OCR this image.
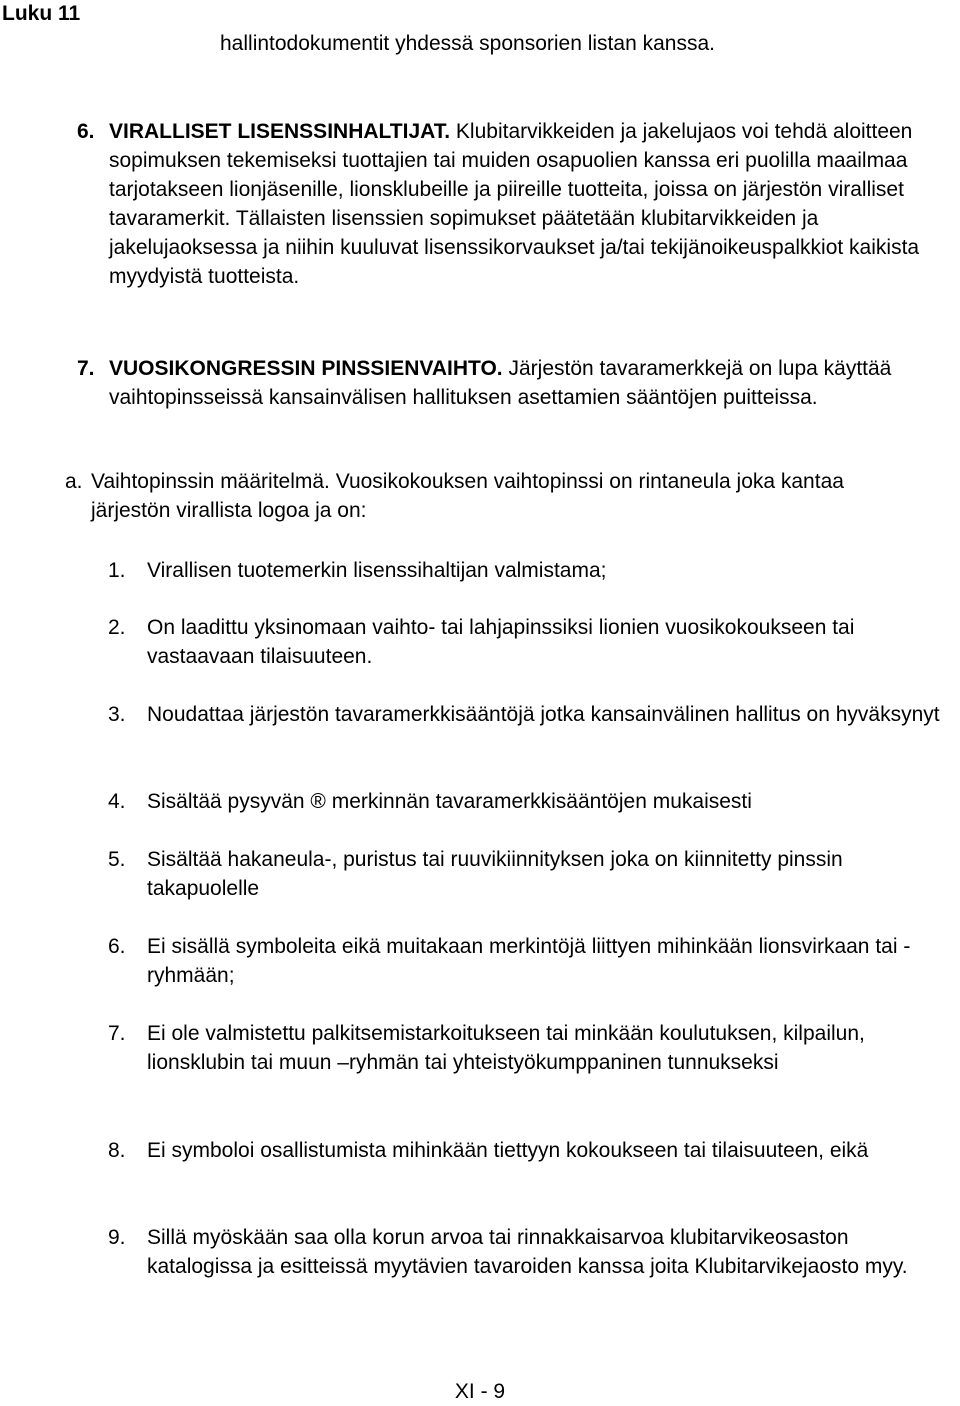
Luku 11

hallintodokumentit yhdessä sponsorien listan kanssa.

6. VIRALLISET LISENSSINHALTIJAT. Klubitarvikkeiden ja jakelujaos voi tehdä aloitteen sopimuksen tekemiseksi tuottajien tai muiden osapuolien kanssa eri puolilla maailmaa tarjotakseen lionjäsenille, lionsklubeille ja piireille tuotteita, joissa on järjestön viralliset tavaramerkit. Tällaisten lisenssien sopimukset päätetään klubitarvikkeiden ja jakelujaoksessa ja niihin kuuluvat lisenssikorvaukset ja/tai tekijänoikeuspalkkiot kaikista myydyistä tuotteista.

7. VUOSIKONGRESSIN PINSSIENVAIHTO. Järjestön tavaramerkkejä on lupa käyttää vaihtopinsseissä kansainvälisen hallituksen asettamien sääntöjen puitteissa.

a. Vaihtopinssin määritelmä. Vuosikokouksen vaihtopinssi on rintaneula joka kantaa järjestön virallista logoa ja on:

1. Virallisen tuotemerkin lisenssihaltijan valmistama;

2. On laadittu yksinomaan vaihto- tai lahjapinssiksi lionien vuosikokoukseen tai vastaavaan tilaisuuteen.

3. Noudattaa järjestön tavaramerkkisääntöjä jotka kansainvälinen hallitus on hyväksynyt

4. Sisältää pysyvän ® merkinnän tavaramerkkisääntöjen mukaisesti

5. Sisältää hakaneula-, puristus tai ruuvikiinnityksen joka on kiinnitetty pinssin takapuolelle

6. Ei sisällä symboleita eikä muitakaan merkintöjä liittyen mihinkään lionsvirkaan tai -ryhmään;

7. Ei ole valmistettu palkitsemistarkoitukseen tai minkään koulutuksen, kilpailun, lionsklubin tai muun –ryhmän tai yhteistyökumppaninen tunnukseksi

8. Ei symboloi osallistumista mihinkään tiettyyn kokoukseen tai tilaisuuteen, eikä

9. Sillä myöskään saa olla korun arvoa tai rinnakkaisarvoa klubitarvikeosaston katalogissa ja esitteissä myytävien tavaroiden kanssa joita Klubitarvikejaosto myy.

XI - 9
